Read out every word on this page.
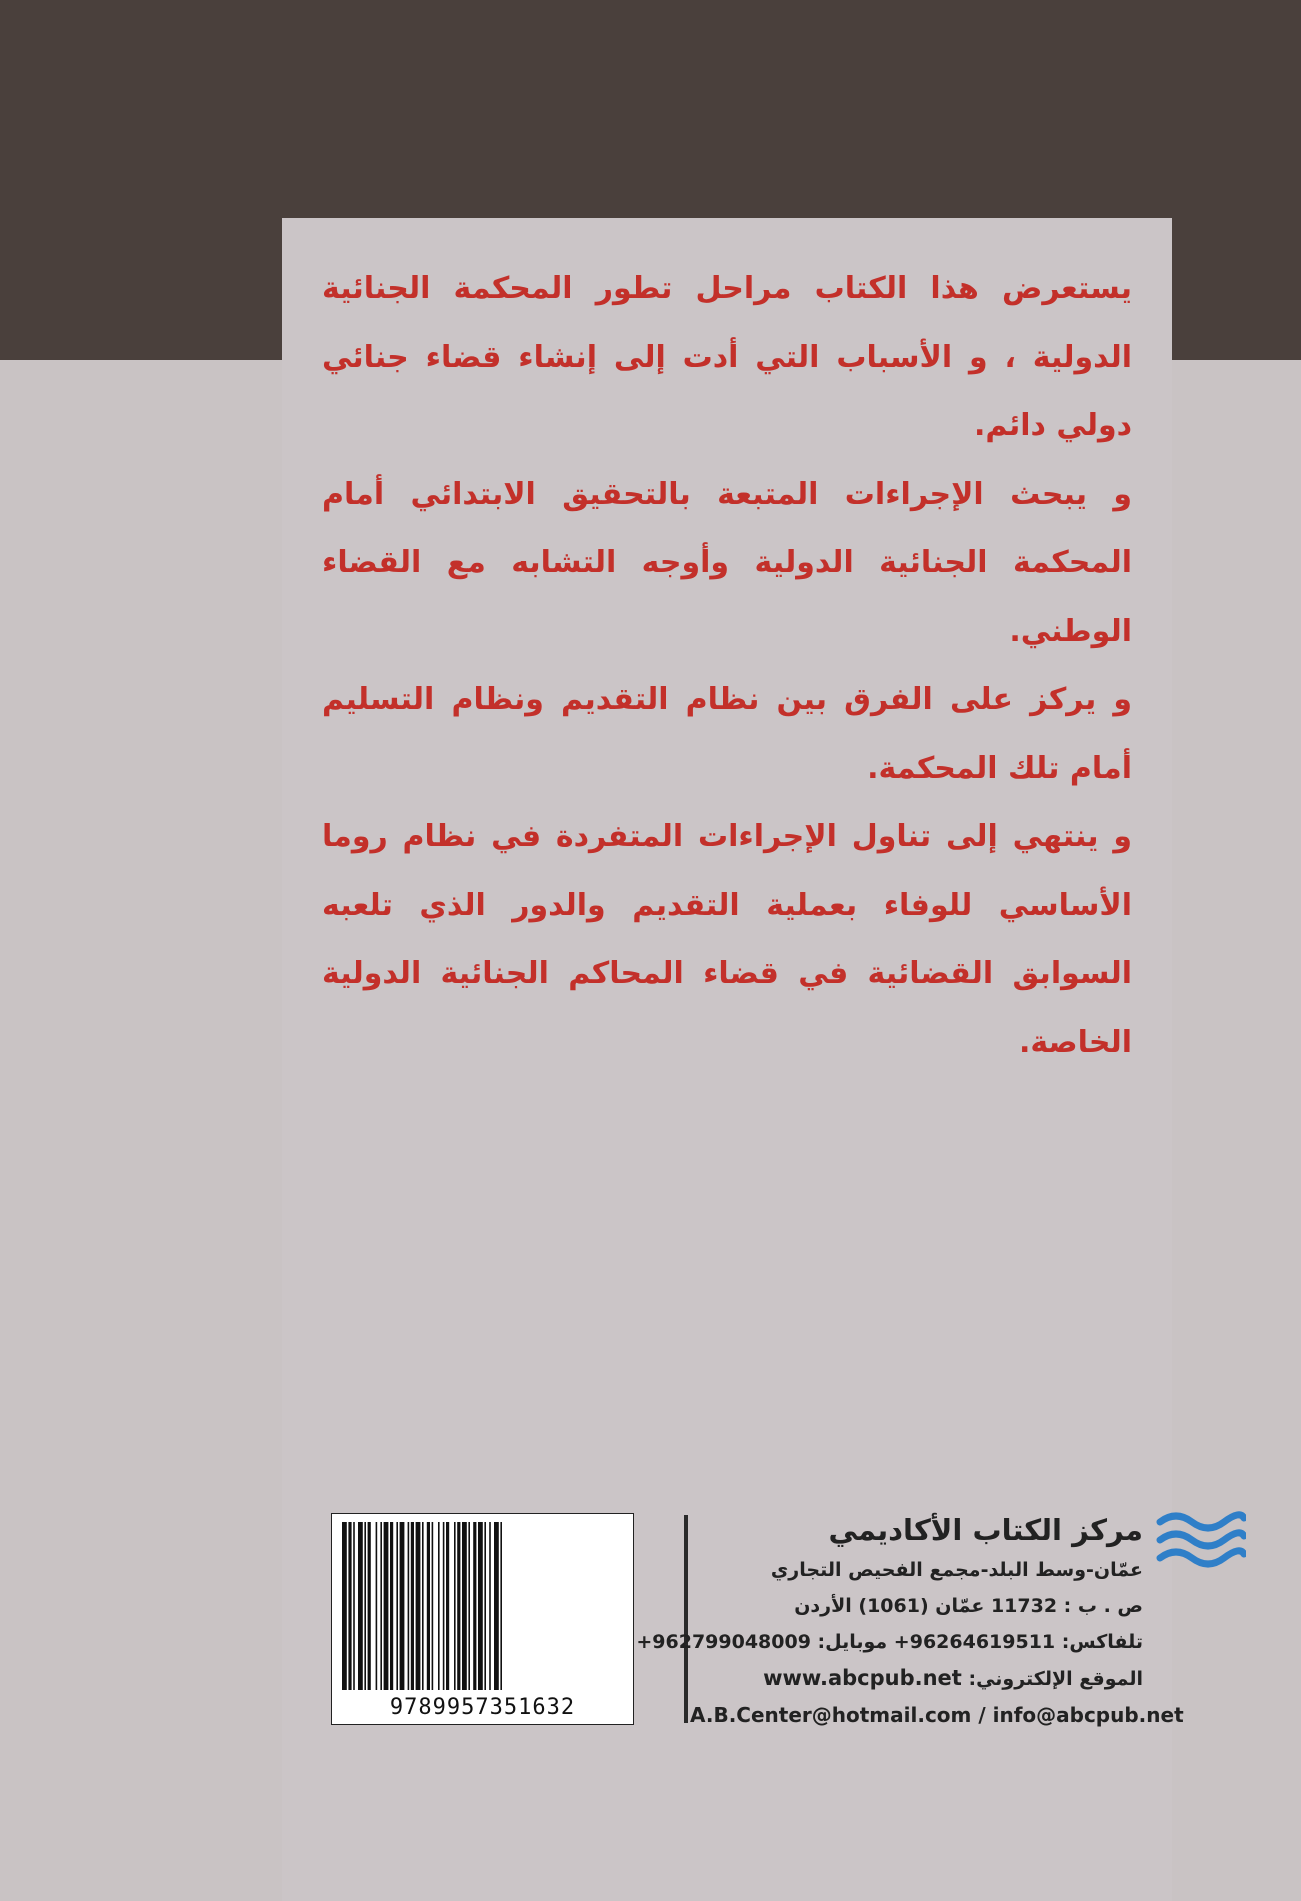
يستعرض هذا الكتاب مراحل تطور المحكمة الجنائية الدولية ، و الأسباب التي أدت إلى إنشاء قضاء جنائي دولي دائم.

و يبحث الإجراءات المتبعة بالتحقيق الابتدائي أمام المحكمة الجنائية الدولية وأوجه التشابه مع القضاء الوطني.

و يركز على الفرق بين نظام التقديم ونظام التسليم أمام تلك المحكمة.

و ينتهي إلى تناول الإجراءات المتفردة في نظام روما الأساسي للوفاء بعملية التقديم والدور الذي تلعبه السوابق القضائية في قضاء المحاكم الجنائية الدولية الخاصة.

9789957351632
مركز الكتاب الأكاديمي
عمّان-وسط البلد-مجمع الفحيص التجاري
ص . ب : 11732 عمّان (1061) الأردن
تلفاكس: 96264619511+ موبايل: 962799048009+
الموقع الإلكتروني: www.abcpub.net
A.B.Center@hotmail.com / info@abcpub.net
